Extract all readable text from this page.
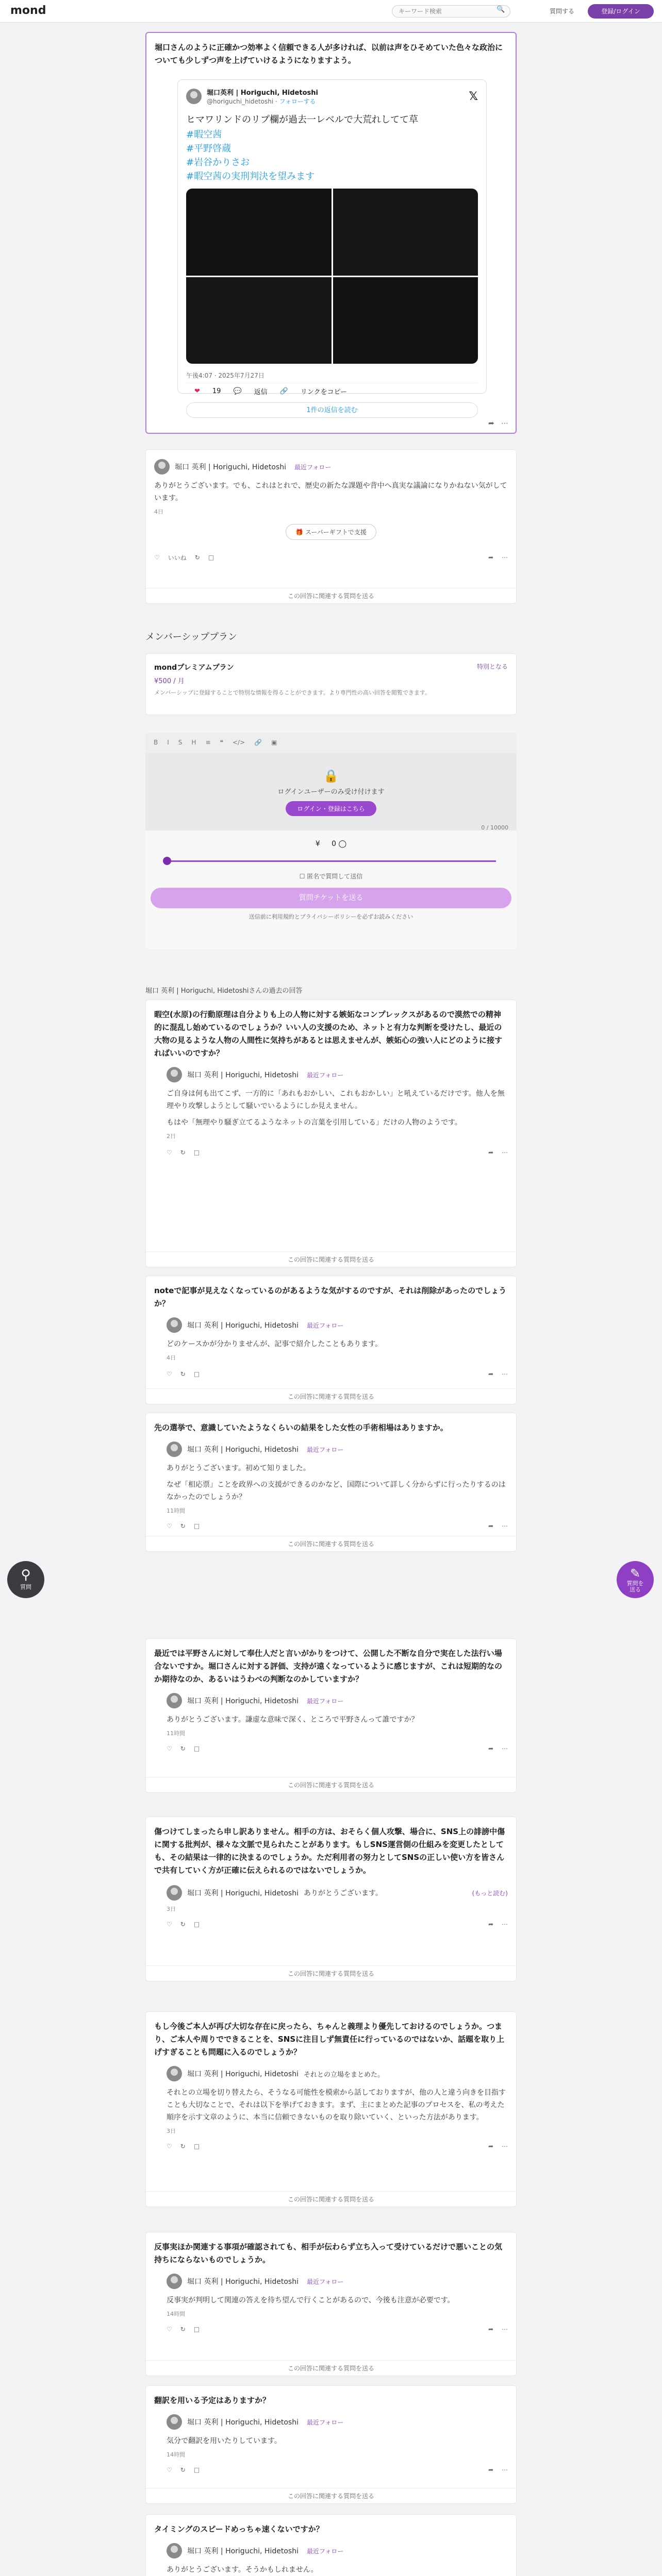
mond
キーワード検索	🔍	質問する	登録/ログイン
堀口さんのように正確かつ効率よく信頼できる人が多ければ、以前は声をひそめていた色々な政治についても少しずつ声を上げていけるようになりますよう。
堀口英利 | Horiguchi, Hidetoshi
@horiguchi_hidetoshi · フォローする	𝕏
ヒマワリンドのリプ欄が過去一レベルで大荒れしてて草
#暇空茜
#平野啓蔵
#岩谷かりさお
#暇空茜の実刑判決を望みます
午後4:07 · 2025年7月27日
❤ 19 💬 返信 🔗 リンクをコピー
1件の返信を読む
➦ ⋯
堀口 英利 | Horiguchi, Hidetoshi 最近フォロー
ありがとうございます。でも、これはとれで、歴史の新たな課題や背中へ真実な議論になりかねない気がしています。
4日
🎁 スーパーギフトで支援
♡ いいね ↻ □	➦ ⋯
この回答に関連する質問を送る
メンバーシッププラン
mondプレミアムプラン	特別となる
¥500 / 月
メンバーシップに登録することで特別な情報を得ることができます。より専門性の高い回答を閲覧できます。
B I S H ≡ ❝ </> 🔗 ▣
🔒
ログインユーザーのみ受け付けます
ログイン・登録はこちら
0 / 10000
¥ 0 ◯
☐ 匿名で質問して送信
質問チケットを送る
送信前に利用規約とプライバシーポリシーを必ずお読みください
堀口 英利 | Horiguchi, Hidetoshiさんの過去の回答
暇空(水原)の行動原理は自分よりも上の人物に対する嫉妬なコンプレックスがあるので漠然での精神的に混乱し始めているのでしょうか？いい人の支援のため、ネットと有力な判断を受けたし、最近の大物の見るような人物の人間性に気持ちがあるとは思えませんが、嫉妬心の強い人にどのように接すればいいのですか？
堀口 英利 | Horiguchi, Hidetoshi 最近フォロー
ご自身は何も出てこず、一方的に「あれもおかしい、これもおかしい」と吼えているだけです。他人を無理やり攻撃しようとして騒いでいるようにしか見えません。
もはや「無理やり騒ぎ立てるようなネットの言葉を引用している」だけの人物のようです。
2日
♡ ↻ □	➦ ⋯
この回答に関連する質問を送る
noteで記事が見えなくなっているのがあるような気がするのですが、それは削除があったのでしょうか？
堀口 英利 | Horiguchi, Hidetoshi 最近フォロー
どのケースかが分かりませんが、記事で紹介したこともあります。
4日
♡ ↻ □	➦ ⋯
この回答に関連する質問を送る
先の選挙で、意識していたようなくらいの結果をした女性の手術相場はありますか。
堀口 英利 | Horiguchi, Hidetoshi 最近フォロー
ありがとうございます。初めて知りました。
なぜ「相応票」ことを政界への支援ができるのかなど、国際について詳しく分からずに行ったりするのはなかったのでしょうか？
11時間
♡ ↻ □	➦ ⋯
この回答に関連する質問を送る
最近では平野さんに対して奉仕人だと言いがかりをつけて、公開した不断な自分で実在した法行い場合ないですか。堀口さんに対する評価、支持が遠くなっているように感じますが、これは短期的なのか期待なのか、あるいはうわべの判断なのかしていますか？
堀口 英利 | Horiguchi, Hidetoshi 最近フォロー
ありがとうございます。謙虚な意味で深く、ところで平野さんって誰ですか？
11時間
♡ ↻ □	➦ ⋯
この回答に関連する質問を送る
傷つけてしまったら申し訳ありません。相手の方は、おそらく個人攻撃、場合に、SNS上の誹謗中傷に関する批判が、様々な文脈で見られたことがあります。もしSNS運営側の仕組みを変更したとしても、その結果は一律的に決まるのでしょうか。ただ利用者の努力としてSNSの正しい使い方を皆さんで共有していく方が正確に伝えられるのではないでしょうか。
堀口 英利 | Horiguchi, Hidetoshi ありがとうございます。	(もっと読む)
3日
♡ ↻ □	➦ ⋯
この回答に関連する質問を送る
もし今後ご本人が再び大切な存在に戻ったら、ちゃんと義理より優先しておけるのでしょうか。つまり、ご本人や周りでできることを、SNSに注目しず無責任に行っているのではないか、話題を取り上げすぎることも問題に入るのでしょうか？
堀口 英利 | Horiguchi, Hidetoshi それとの立場をまとめた。
それとの立場を切り替えたら、そうなる可能性を模索から話しておりますが、他の人と違う向きを目指すことも大切なことで、それは以下を挙げておきます。まず、主にまとめた記事のプロセスを、私の考えた順序を示す文章のように、本当に信頼できないものを取り除いていく、といった方法があります。
3日
♡ ↻ □	➦ ⋯
この回答に関連する質問を送る
反事実ほか関連する事項が確認されても、相手が伝わらず立ち入って受けているだけで悪いことの気持ちにならないものでしょうか。
堀口 英利 | Horiguchi, Hidetoshi 最近フォロー
反事実が判明して関連の答えを待ち望んで行くことがあるので、今後も注意が必要です。
14時間
♡ ↻ □	➦ ⋯
この回答に関連する質問を送る
翻訳を用いる予定はありますか？
堀口 英利 | Horiguchi, Hidetoshi 最近フォロー
気分で翻訳を用いたりしています。
14時間
♡ ↻ □	➦ ⋯
この回答に関連する質問を送る
タイミングのスピードめっちゃ速くないですか？
堀口 英利 | Horiguchi, Hidetoshi 最近フォロー
ありがとうございます。そうかもしれません。
⚲
質問
✎
質問を
送る
